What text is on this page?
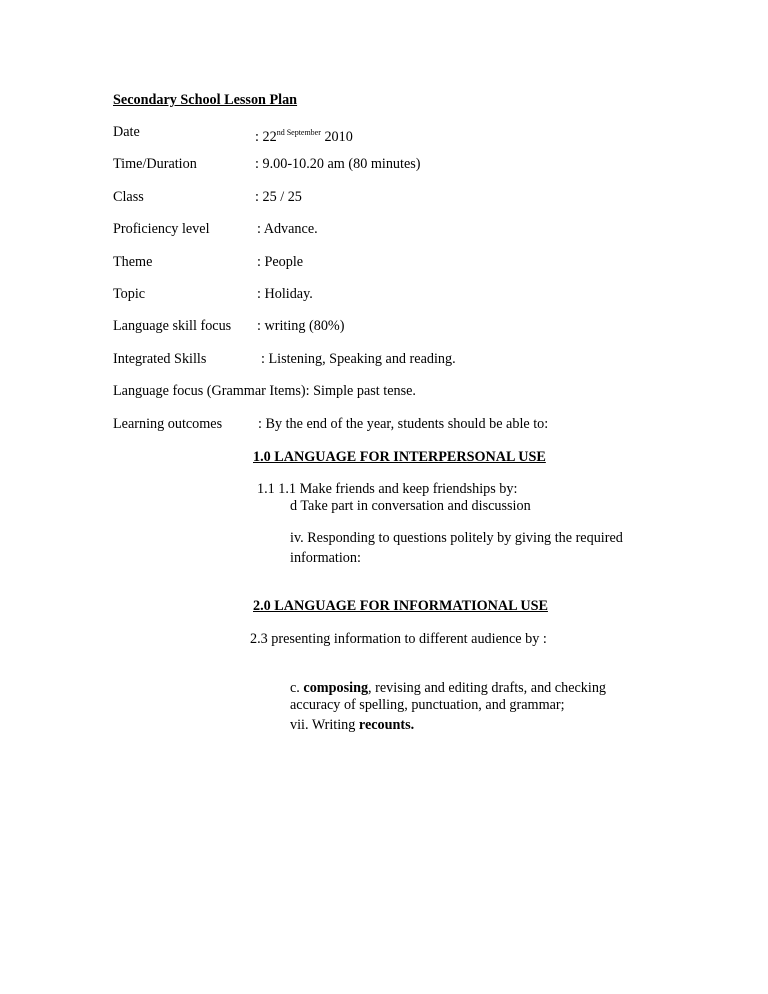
Secondary School Lesson Plan
Date	: $22^{nd September}$ 2010
Time/Duration	: 9.00-10.20 am (80 minutes)
Class	: 25 / 25
Proficiency level	: Advance.
Theme	: People
Topic	: Holiday.
Language skill focus : writing (80%)
Integrated Skills	: Listening, Speaking and reading.
Language focus (Grammar Items): Simple past tense.
Learning outcomes	: By the end of the year, students should be able to:
1.0 LANGUAGE FOR INTERPERSONAL USE
1.1 1.1 Make friends and keep friendships by:
d Take part in conversation and discussion
iv. Responding to questions politely by giving the required
information:
2.0 LANGUAGE FOR INFORMATIONAL USE
2.3 presenting information to different audience by :
c. composing, revising and editing drafts, and checking
accuracy of spelling, punctuation, and grammar;
vii. Writing recounts.
